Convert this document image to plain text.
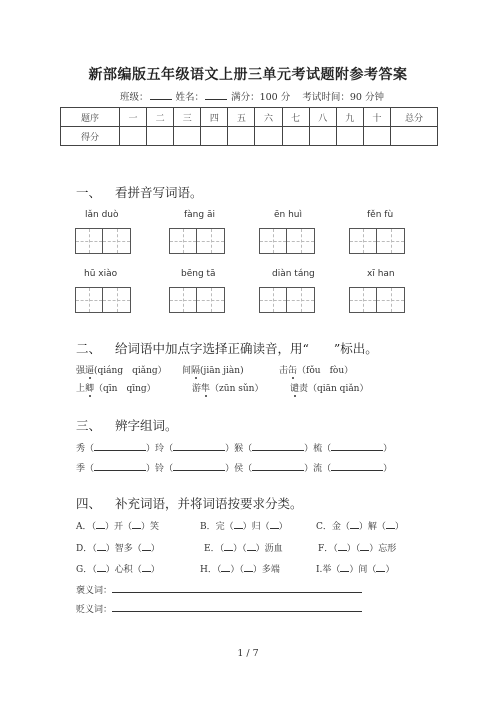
新部编版五年级语文上册三单元考试题附参考答案
班级：	姓名：	满分：100 分 考试时间：90 分钟
题序	一	二	三	四	五	六	七	八	九	十	总分
得分											
一、 看拼音写词语。
lǎn duò	fàng āi	ēn huì	fěn fù
hū xiào	bēng tā	diàn táng	xī han
二、 给词语中加点字选择正确读音，用“　　”标出。
强逼(qiáng　qiǎng） 间隔(jiān jiàn)	击缶（fǒu　fòu）
上卿（qīn　qīng）	游隼（zūn sǔn）	谴责（qiān qiǎn）
三、 辨字组词。
秀（	）玲（	）猴（	）梳（	）
季（	）铃（	）侯（	）流（	）
四、 补充词语，并将词语按要求分类。
A．（ ）开（ ）笑	B．完（ ）归（ ）	C．金（ ）解（ ）
D．（ ）智多（ ）	E．（ ）（ ）沥血	F．（ ）（ ）忘形
G．（ ）心积（ ）	H．（ ）（ ）多端	I.举（ ）间（ ）
褒义词：
贬义词：
1 / 7
